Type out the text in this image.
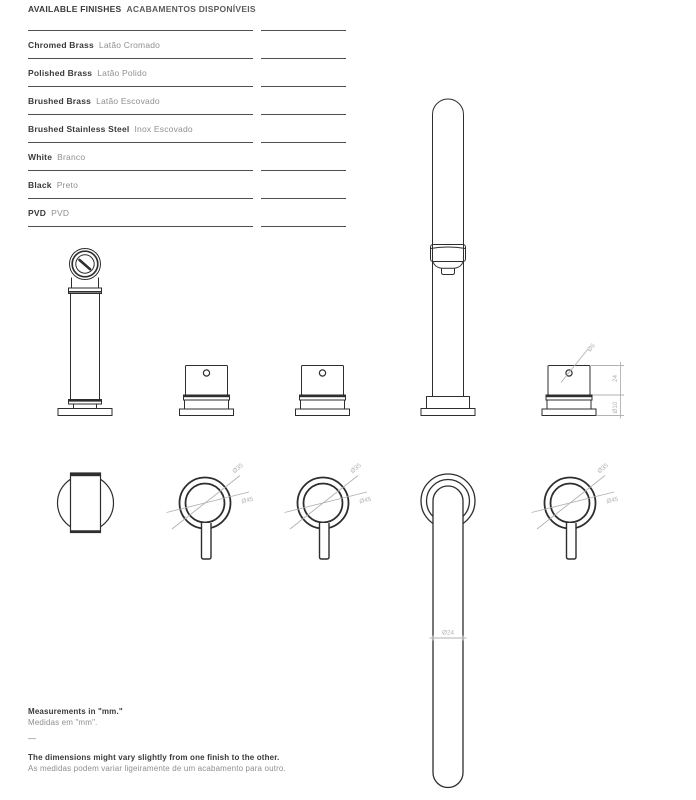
AVAILABLE FINISHES ACABAMENTOS DISPONÍVEIS
Chromed Brass Latão Cromado
Polished Brass Latão Polido
Brushed Brass Latão Escovado
Brushed Stainless Steel Inox Escovado
White Branco
Black Preto
PVD PVD
Ø6
24
Ø10
Ø35
Ø45
Ø35
Ø45
Ø24
Ø35
Ø45
Measurements in "mm."
Medidas em "mm".
—
The dimensions might vary slightly from one finish to the other.
As medidas podem variar ligeiramente de um acabamento para outro.
